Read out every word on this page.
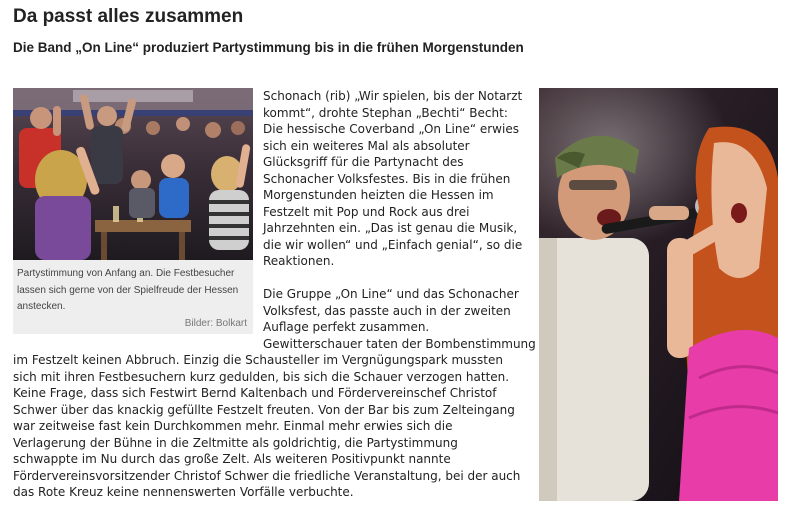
Da passt alles zusammen
Die Band „On Line“ produziert Partystimmung bis in die frühen Morgenstunden
Partystimmung von Anfang an. Die Festbesucher
lassen sich gerne von der Spielfreude der Hessen
anstecken.
Bilder: Bolkart
Schonach (rib) „Wir spielen, bis der Notarzt
kommt“, drohte Stephan „Bechti“ Becht:
Die hessische Coverband „On Line“ erwies
sich ein weiteres Mal als absoluter
Glücksgriff für die Partynacht des
Schonacher Volksfestes. Bis in die frühen
Morgenstunden heizten die Hessen im
Festzelt mit Pop und Rock aus drei
Jahrzehnten ein. „Das ist genau die Musik,
die wir wollen“ und „Einfach genial“, so die
Reaktionen.
Die Gruppe „On Line“ und das Schonacher
Volksfest, das passte auch in der zweiten
Auflage perfekt zusammen.
Gewitterschauer taten der Bombenstimmung
im Festzelt keinen Abbruch. Einzig die Schausteller im Vergnügungspark mussten
sich mit ihren Festbesuchern kurz gedulden, bis sich die Schauer verzogen hatten.
Keine Frage, dass sich Festwirt Bernd Kaltenbach und Fördervereinschef Christof
Schwer über das knackig gefüllte Festzelt freuten. Von der Bar bis zum Zelteingang
war zeitweise fast kein Durchkommen mehr. Einmal mehr erwies sich die
Verlagerung der Bühne in die Zeltmitte als goldrichtig, die Partystimmung
schwappte im Nu durch das große Zelt. Als weiteren Positivpunkt nannte
Fördervereinsvorsitzender Christof Schwer die friedliche Veranstaltung, bei der auch
das Rote Kreuz keine nennenswerten Vorfälle verbuchte.
